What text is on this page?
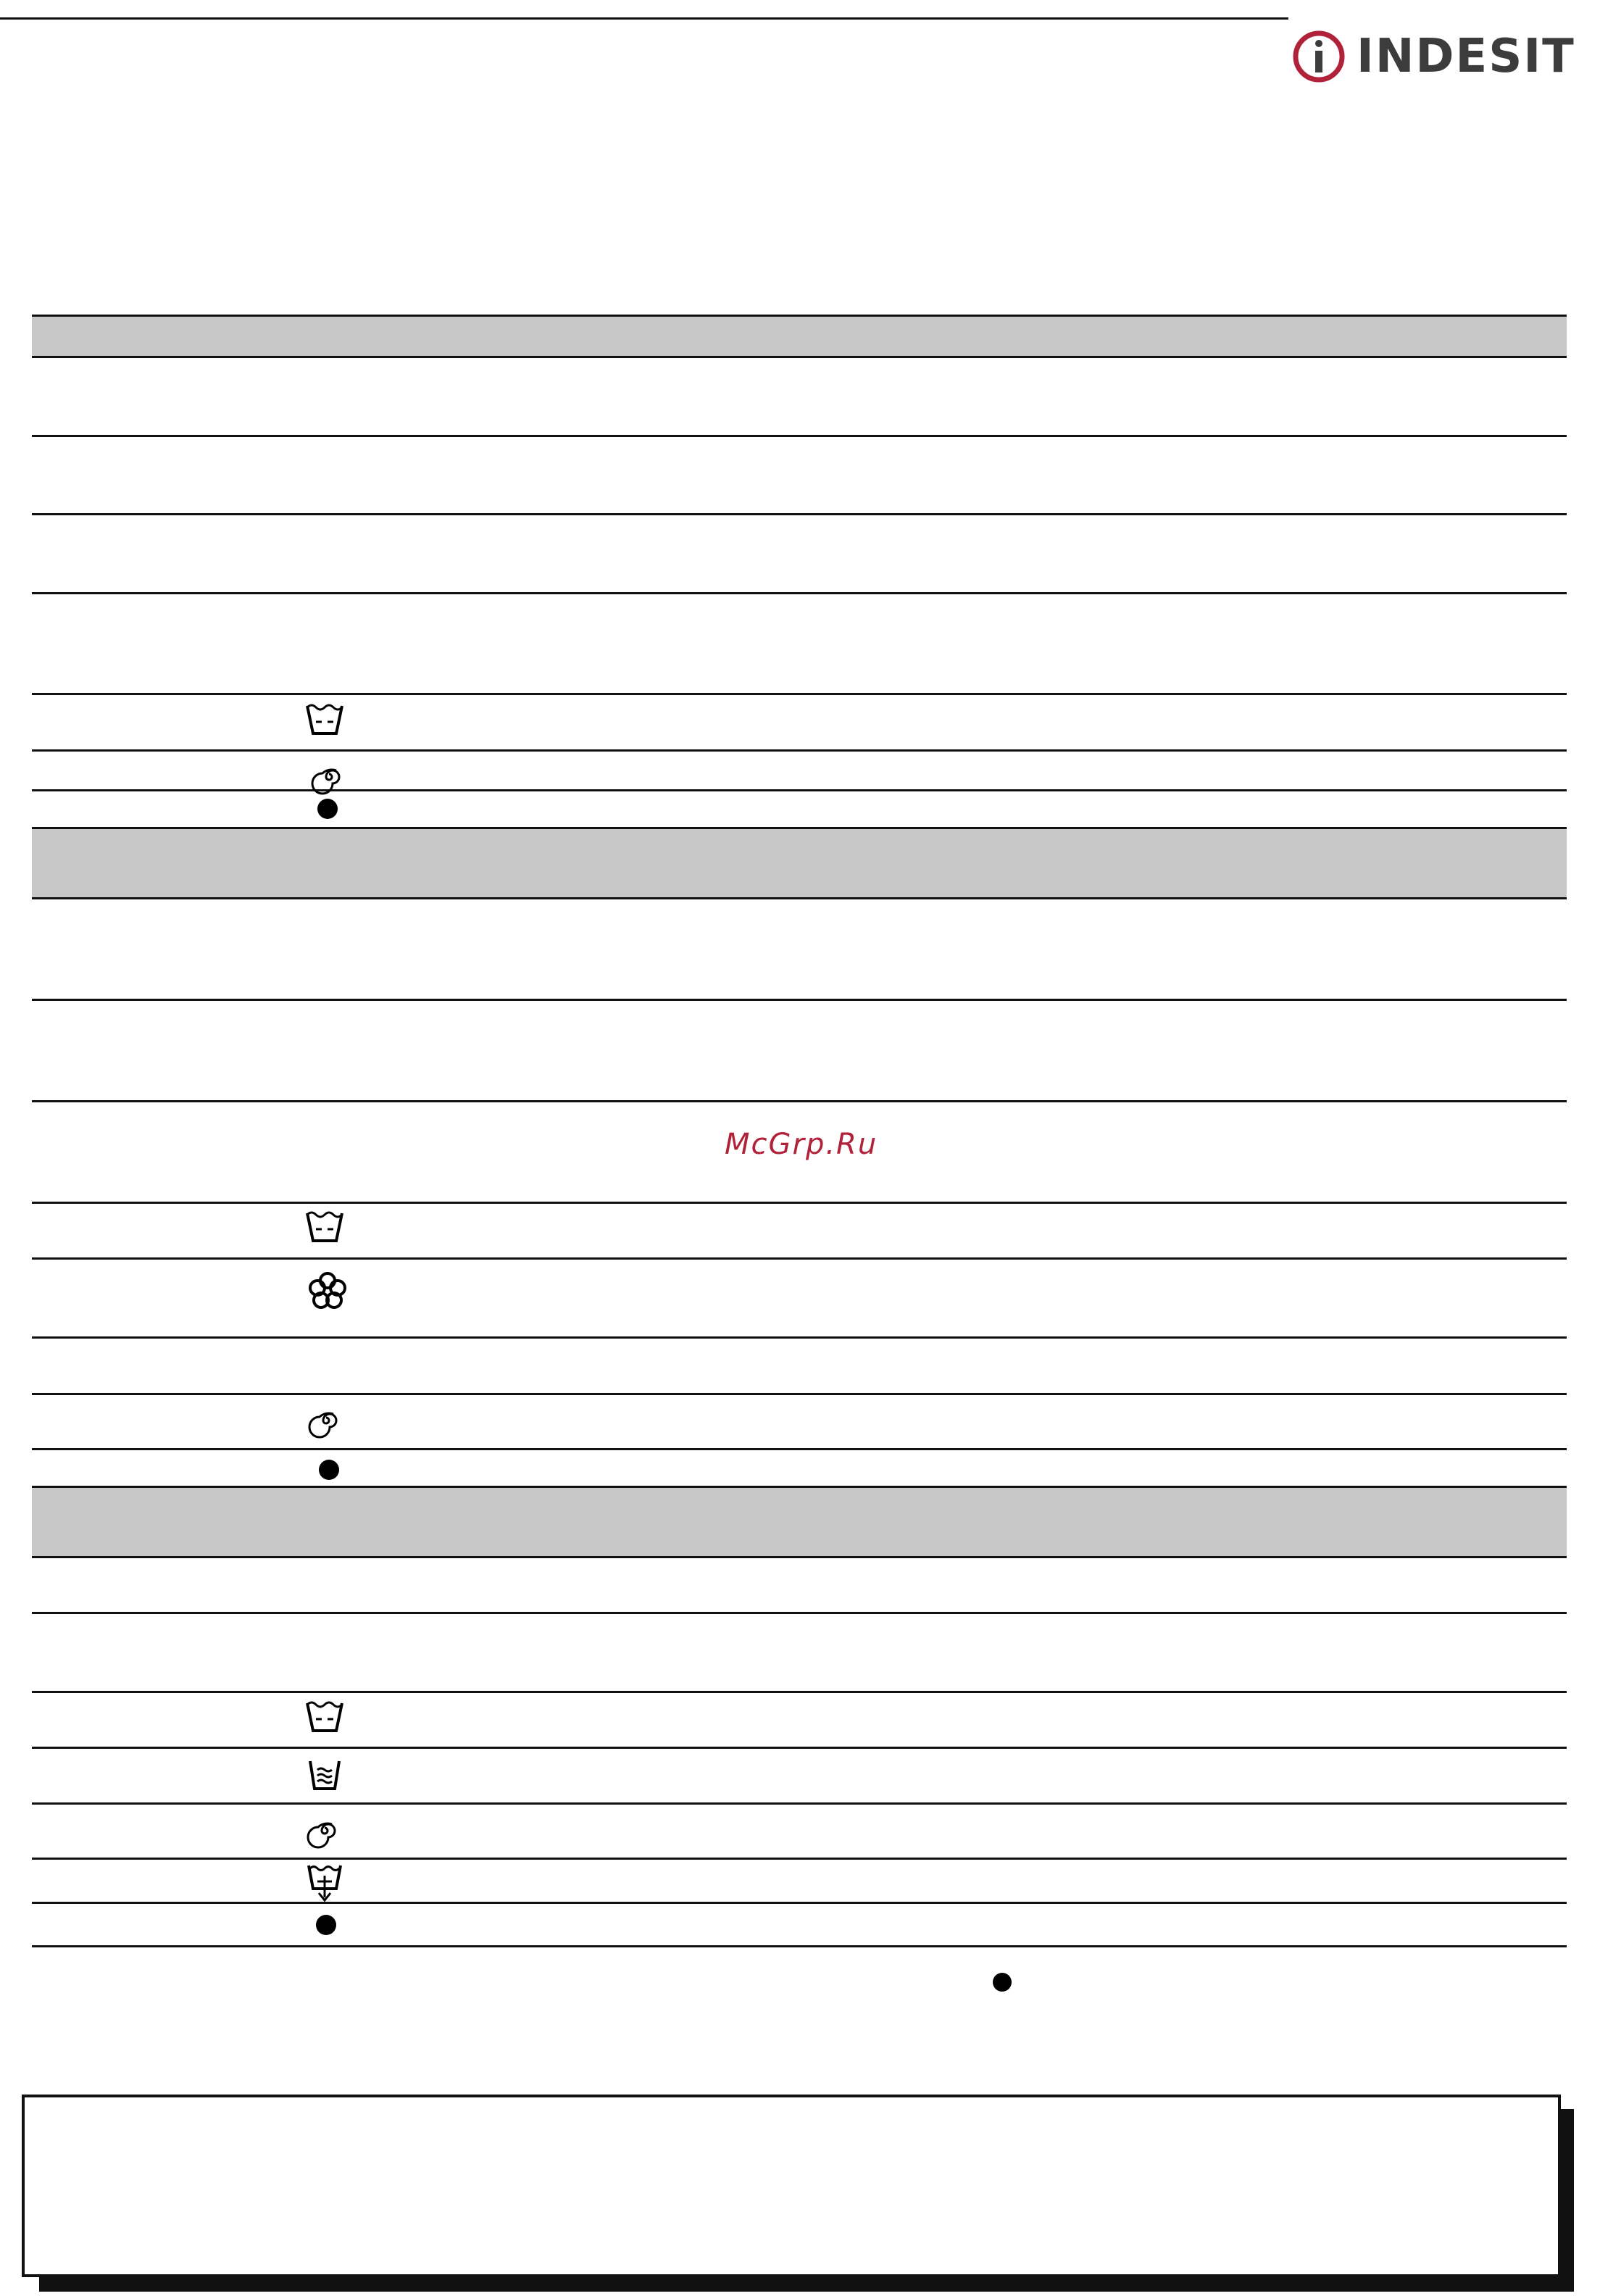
INDESIT
McGrp.Ru
